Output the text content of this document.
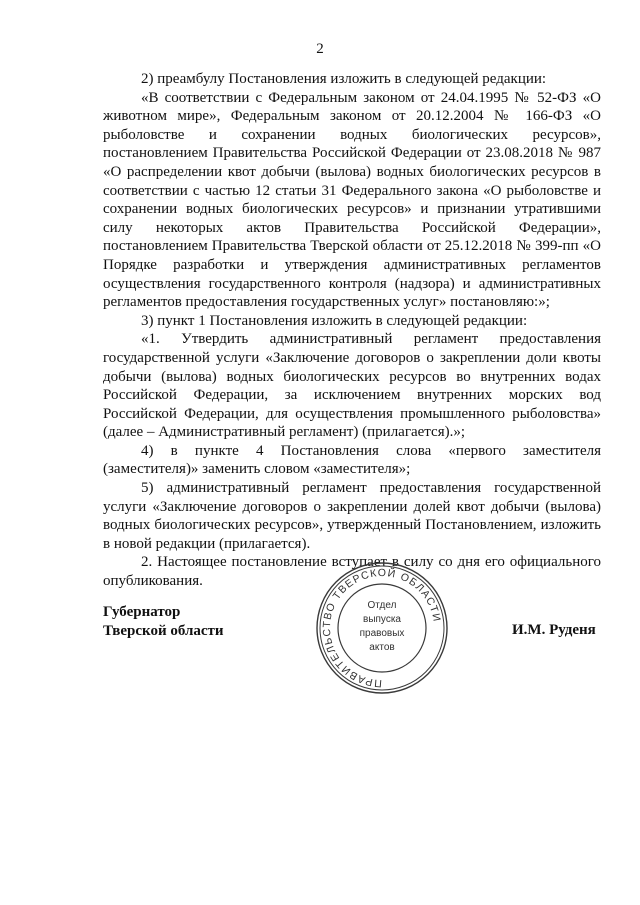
2

2) преамбулу Постановления изложить в следующей редакции:

«В соответствии с Федеральным законом от 24.04.1995 № 52-ФЗ «О животном мире», Федеральным законом от 20.12.2004 № 166-ФЗ «О рыболовстве и сохранении водных биологических ресурсов», постановлением Правительства Российской Федерации от 23.08.2018 № 987 «О распределении квот добычи (вылова) водных биологических ресурсов в соответствии с частью 12 статьи 31 Федерального закона «О рыболовстве и сохранении водных биологических ресурсов» и признании утратившими силу некоторых актов Правительства Российской Федерации», постановлением Правительства Тверской области от 25.12.2018 № 399-пп «О Порядке разработки и утверждения административных регламентов осуществления государственного контроля (надзора) и административных регламентов предоставления государственных услуг» постановляю:»;

3) пункт 1 Постановления изложить в следующей редакции:

«1. Утвердить административный регламент предоставления государственной услуги «Заключение договоров о закреплении доли квоты добычи (вылова) водных биологических ресурсов во внутренних водах Российской Федерации, за исключением внутренних морских вод Российской Федерации, для осуществления промышленного рыболовства» (далее – Административный регламент) (прилагается).»;

4) в пункте 4 Постановления слова «первого заместителя (заместителя)» заменить словом «заместителя»;

5) административный регламент предоставления государственной услуги «Заключение договоров о закреплении долей квот добычи (вылова) водных биологических ресурсов», утвержденный Постановлением, изложить в новой редакции (прилагается).

2. Настоящее постановление вступает в силу со дня его официального опубликования.

Губернатор
Тверской области	И.М. Руденя
ПРАВИТЕЛЬСТВО ТВЕРСКОЙ ОБЛАСТИ
Отдел
выпуска
правовых
актов
